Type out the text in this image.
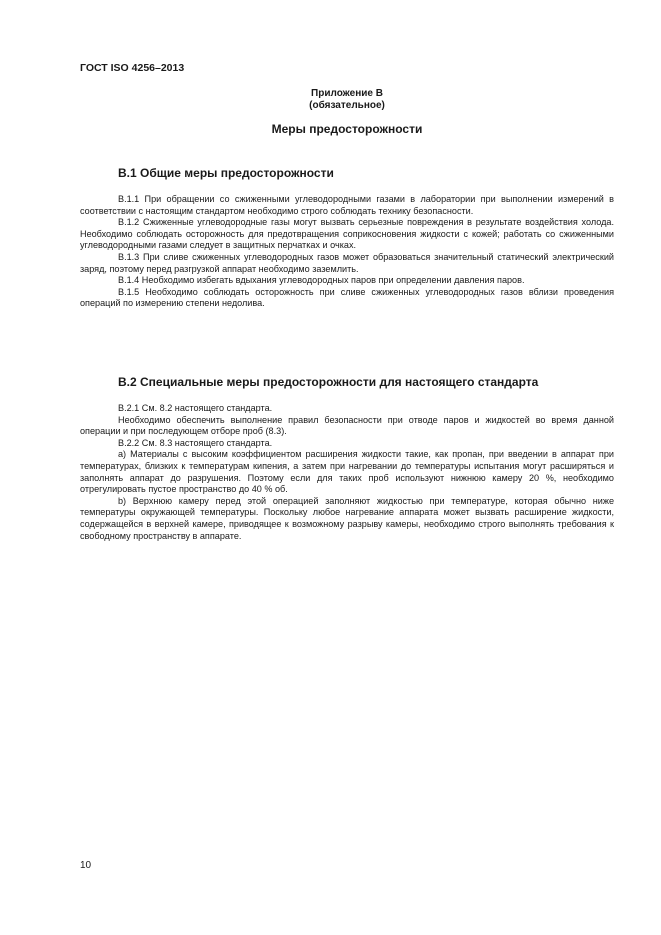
ГОСТ ISO 4256–2013
Приложение В
(обязательное)
Меры предосторожности
В.1 Общие меры предосторожности

В.1.1 При обращении со сжиженными углеводородными газами в лаборатории при выполнении измерений в соответствии с настоящим стандартом необходимо строго соблюдать технику безопасности.

В.1.2 Сжиженные углеводородные газы могут вызвать серьезные повреждения в результате воздействия холода. Необходимо соблюдать осторожность для предотвращения соприкосновения жидкости с кожей; работать со сжиженными углеводородными газами следует в защитных перчатках и очках.

В.1.3 При сливе сжиженных углеводородных газов может образоваться значительный статический электрический заряд, поэтому перед разгрузкой аппарат необходимо заземлить.

В.1.4 Необходимо избегать вдыхания углеводородных паров при определении давления паров.

В.1.5 Необходимо соблюдать осторожность при сливе сжиженных углеводородных газов вблизи проведения операций по измерению степени недолива.

В.2 Специальные меры предосторожности для настоящего стандарта

В.2.1 См. 8.2 настоящего стандарта.

Необходимо обеспечить выполнение правил безопасности при отводе паров и жидкостей во время данной операции и при последующем отборе проб (8.3).

В.2.2 См. 8.3 настоящего стандарта.

а) Материалы с высоким коэффициентом расширения жидкости такие, как пропан, при введении в аппарат при температурах, близких к температурам кипения, а затем при нагревании до температуры испытания могут расширяться и заполнять аппарат до разрушения. Поэтому если для таких проб используют нижнюю камеру 20 %, необходимо отрегулировать пустое пространство до 40 % об.

b) Верхнюю камеру перед этой операцией заполняют жидкостью при температуре, которая обычно ниже температуры окружающей температуры. Поскольку любое нагревание аппарата может вызвать расширение жидкости, содержащейся в верхней камере, приводящее к возможному разрыву камеры, необходимо строго выполнять требования к свободному пространству в аппарате.

10
